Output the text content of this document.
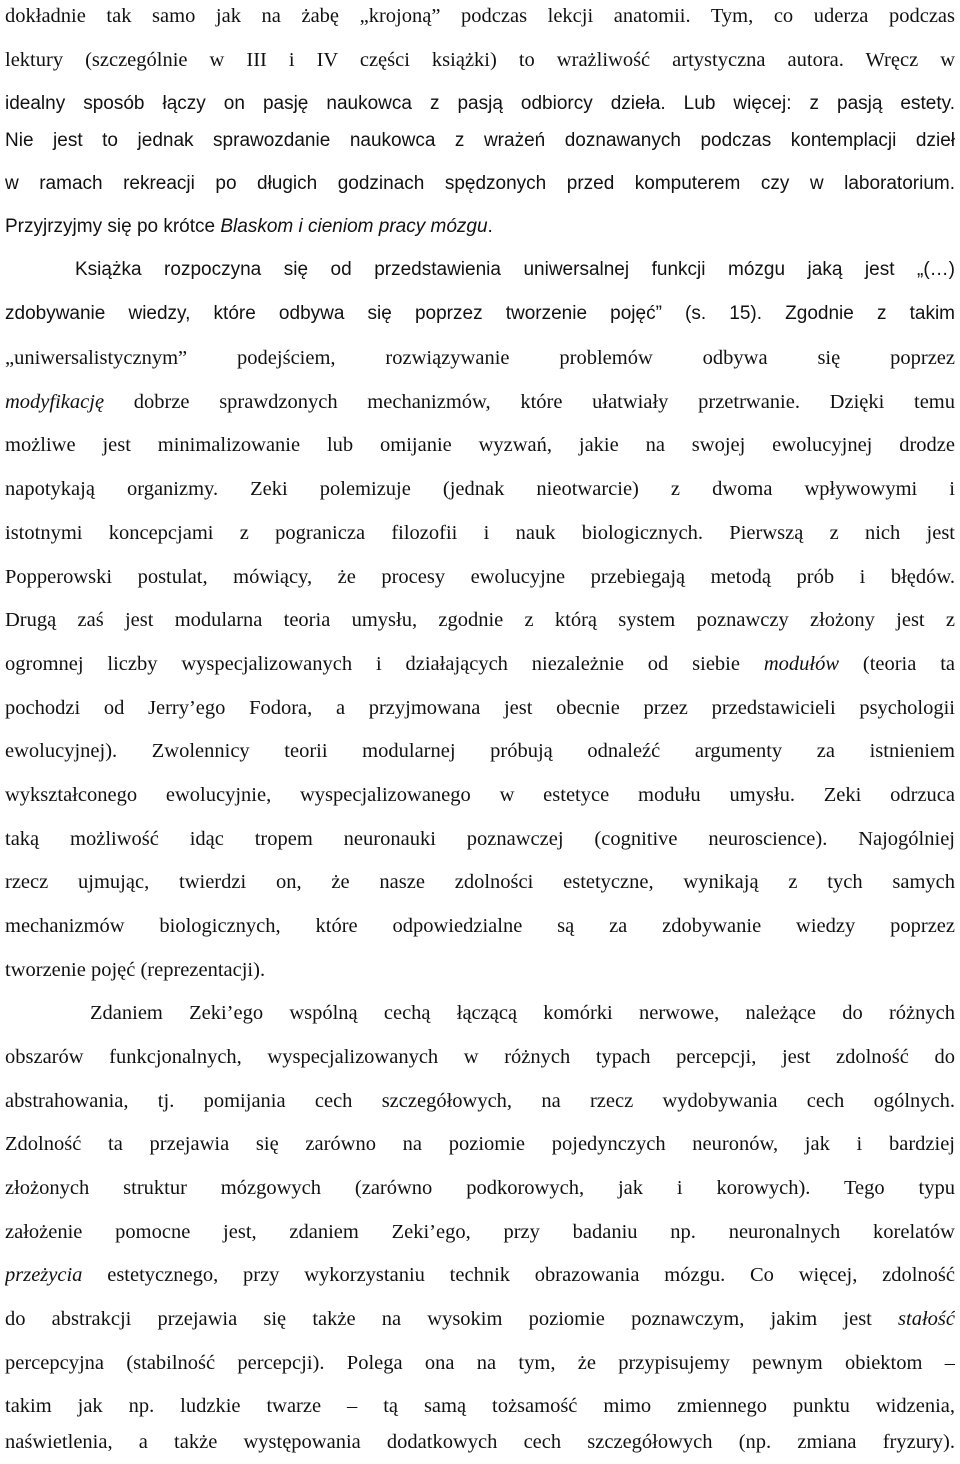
dokładnie tak samo jak na żabę „krojoną” podczas lekcji anatomii. Tym, co uderza podczas
lektury (szczególnie w III i IV części książki) to wrażliwość artystyczna autora. Wręcz w
idealny sposób łączy on pasję naukowca z pasją odbiorcy dzieła. Lub więcej: z pasją estety.
Nie jest to jednak sprawozdanie naukowca z wrażeń doznawanych podczas kontemplacji dzieł
w ramach rekreacji po długich godzinach spędzonych przed komputerem czy w laboratorium.
Przyjrzyjmy się po krótce Blaskom i cieniom pracy mózgu.
Książka rozpoczyna się od przedstawienia uniwersalnej funkcji mózgu jaką jest „(…)
zdobywanie wiedzy, które odbywa się poprzez tworzenie pojęć” (s. 15). Zgodnie z takim
„uniwersalistycznym” podejściem, rozwiązywanie problemów odbywa się poprzez
modyfikację dobrze sprawdzonych mechanizmów, które ułatwiały przetrwanie. Dzięki temu
możliwe jest minimalizowanie lub omijanie wyzwań, jakie na swojej ewolucyjnej drodze
napotykają organizmy. Zeki polemizuje (jednak nieotwarcie) z dwoma wpływowymi i
istotnymi koncepcjami z pogranicza filozofii i nauk biologicznych. Pierwszą z nich jest
Popperowski postulat, mówiący, że procesy ewolucyjne przebiegają metodą prób i błędów.
Drugą zaś jest modularna teoria umysłu, zgodnie z którą system poznawczy złożony jest z
ogromnej liczby wyspecjalizowanych i działających niezależnie od siebie modułów (teoria ta
pochodzi od Jerry’ego Fodora, a przyjmowana jest obecnie przez przedstawicieli psychologii
ewolucyjnej). Zwolennicy teorii modularnej próbują odnaleźć argumenty za istnieniem
wykształconego ewolucyjnie, wyspecjalizowanego w estetyce modułu umysłu. Zeki odrzuca
taką możliwość idąc tropem neuronauki poznawczej (cognitive neuroscience). Najogólniej
rzecz ujmując, twierdzi on, że nasze zdolności estetyczne, wynikają z tych samych
mechanizmów biologicznych, które odpowiedzialne są za zdobywanie wiedzy poprzez
tworzenie pojęć (reprezentacji).
Zdaniem Zeki’ego wspólną cechą łączącą komórki nerwowe, należące do różnych
obszarów funkcjonalnych, wyspecjalizowanych w różnych typach percepcji, jest zdolność do
abstrahowania, tj. pomijania cech szczegółowych, na rzecz wydobywania cech ogólnych.
Zdolność ta przejawia się zarówno na poziomie pojedynczych neuronów, jak i bardziej
złożonych struktur mózgowych (zarówno podkorowych, jak i korowych). Tego typu
założenie pomocne jest, zdaniem Zeki’ego, przy badaniu np. neuronalnych korelatów
przeżycia estetycznego, przy wykorzystaniu technik obrazowania mózgu. Co więcej, zdolność
do abstrakcji przejawia się także na wysokim poziomie poznawczym, jakim jest stałość
percepcyjna (stabilność percepcji). Polega ona na tym, że przypisujemy pewnym obiektom –
takim jak np. ludzkie twarze – tą samą tożsamość mimo zmiennego punktu widzenia,
naświetlenia, a także występowania dodatkowych cech szczegółowych (np. zmiana fryzury).
